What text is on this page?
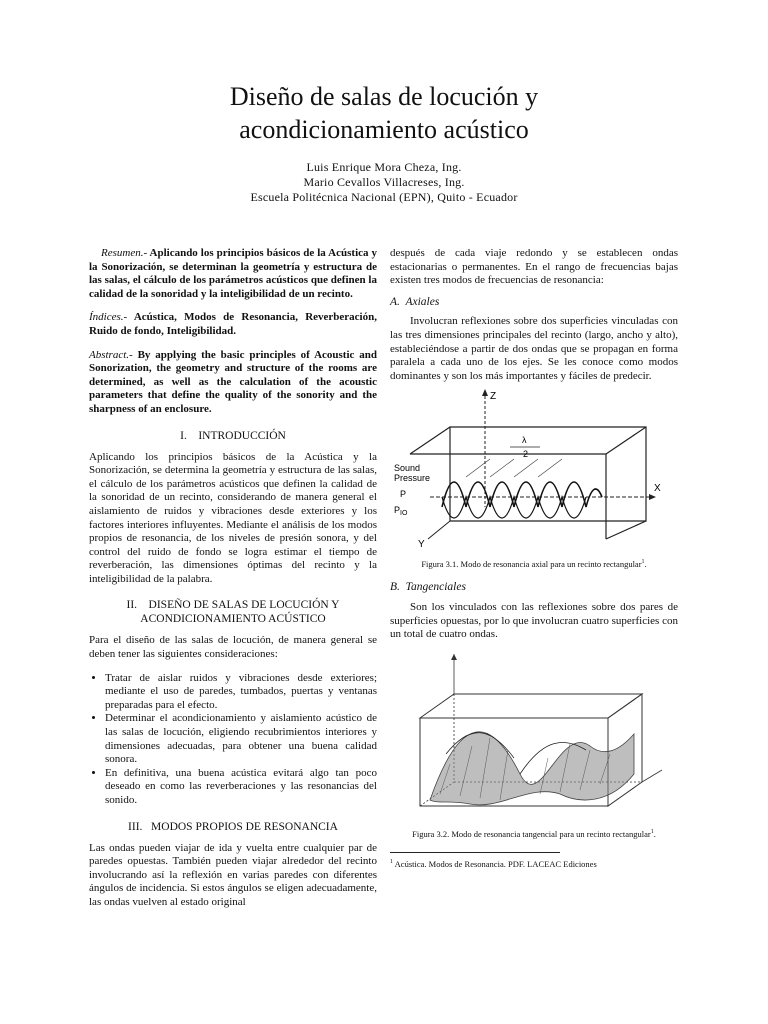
Diseño de salas de locución y
acondicionamiento acústico
Luis Enrique Mora Cheza, Ing.
Mario Cevallos Villacreses, Ing.
Escuela Politécnica Nacional (EPN), Quito - Ecuador

Resumen.- Aplicando los principios básicos de la Acústica y la Sonorización, se determinan la geometría y estructura de las salas, el cálculo de los parámetros acústicos que definen la calidad de la sonoridad y la inteligibilidad de un recinto.

Índices.- Acústica, Modos de Resonancia, Reverberación, Ruido de fondo, Inteligibilidad.

Abstract.- By applying the basic principles of Acoustic and Sonorization, the geometry and structure of the rooms are determined, as well as the calculation of the acoustic parameters that define the quality of the sonority and the sharpness of an enclosure.

I.    INTRODUCCIÓN

Aplicando los principios básicos de la Acústica y la Sonorización, se determina la geometría y estructura de las salas, el cálculo de los parámetros acústicos que definen la calidad de la sonoridad de un recinto, considerando de manera general el aislamiento de ruidos y vibraciones desde exteriores y los factores interiores influyentes. Mediante el análisis de los modos propios de resonancia, de los niveles de presión sonora, y del control del ruido de fondo se logra estimar el tiempo de reverberación, las dimensiones óptimas del recinto y la inteligibilidad de la palabra.

II.    DISEÑO DE SALAS DE LOCUCIÓN Y
ACONDICIONAMIENTO ACÚSTICO

Para el diseño de las salas de locución, de manera general se deben tener las siguientes consideraciones:

• Tratar de aislar ruidos y vibraciones desde exteriores; mediante el uso de paredes, tumbados, puertas y ventanas preparadas para el efecto.
• Determinar el acondicionamiento y aislamiento acústico de las salas de locución, eligiendo recubrimientos interiores y dimensiones adecuadas, para obtener una buena calidad sonora.
• En definitiva, una buena acústica evitará algo tan poco deseado en como las reverberaciones y las resonancias del sonido.
III.   MODOS PROPIOS DE RESONANCIA

Las ondas pueden viajar de ida y vuelta entre cualquier par de paredes opuestas. También pueden viajar alrededor del recinto involucrando así la reflexión en varias paredes con diferentes ángulos de incidencia. Si estos ángulos se eligen adecuadamente, las ondas vuelven al estado original

después de cada viaje redondo y se establecen ondas estacionarias o permanentes. En el rango de frecuencias bajas existen tres modos de frecuencias de resonancia:

A.  Axiales

Involucran reflexiones sobre dos superficies vinculadas con las tres dimensiones principales del recinto (largo, ancho y alto), estableciéndose a partir de dos ondas que se propagan en forma paralela a cada uno de los ejes. Se les conoce como modos dominantes y son los más importantes y fáciles de predecir.

Z
X
Y
λ
2
Sound
Pressure
P
$P_{IO}$
Figura 3.1. Modo de resonancia axial para un recinto rectangular$^1$.
B.  Tangenciales

Son los vinculados con las reflexiones sobre dos pares de superficies opuestas, por lo que involucran cuatro superficies con un total de cuatro ondas.

Figura 3.2. Modo de resonancia tangencial para un recinto rectangular$^1$.
$^1$ Acústica. Modos de Resonancia. PDF. LACEAC Ediciones
